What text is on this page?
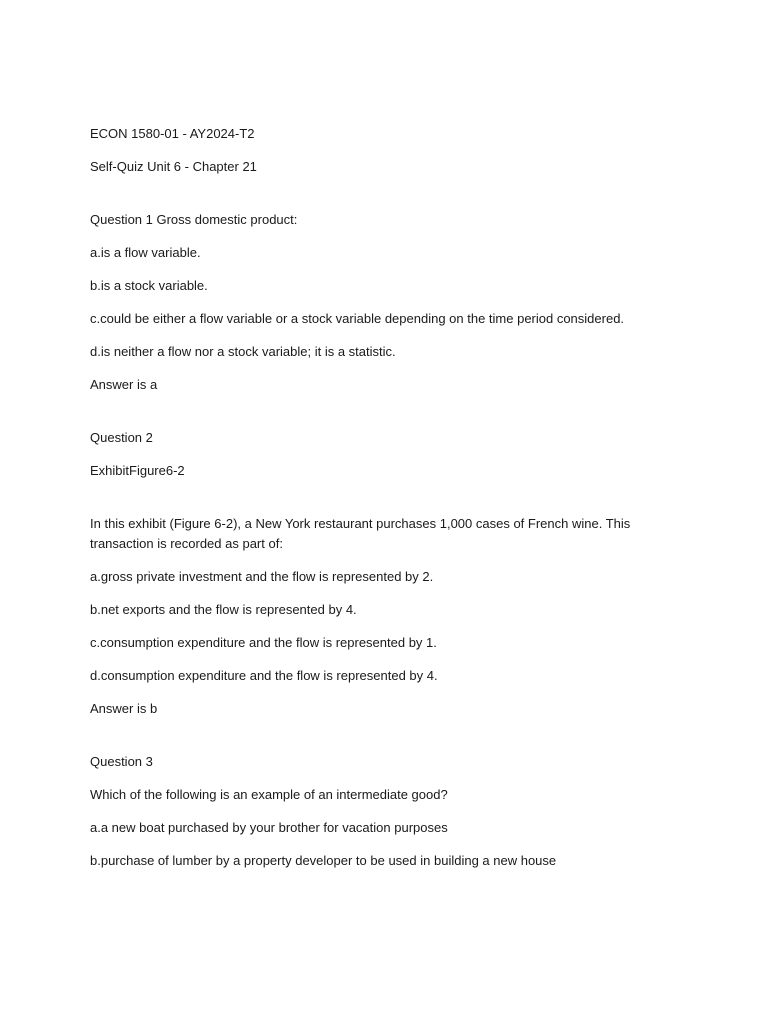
ECON 1580-01 - AY2024-T2

Self-Quiz Unit 6 - Chapter 21

Question 1 Gross domestic product:

a.is a flow variable.

b.is a stock variable.

c.could be either a flow variable or a stock variable depending on the time period considered.

d.is neither a flow nor a stock variable; it is a statistic.

Answer is a

Question 2

ExhibitFigure6-2

In this exhibit (Figure 6-2), a New York restaurant purchases 1,000 cases of French wine. This transaction is recorded as part of:

a.gross private investment and the flow is represented by 2.

b.net exports and the flow is represented by 4.

c.consumption expenditure and the flow is represented by 1.

d.consumption expenditure and the flow is represented by 4.

Answer is b

Question 3

Which of the following is an example of an intermediate good?

a.a new boat purchased by your brother for vacation purposes

b.purchase of lumber by a property developer to be used in building a new house
